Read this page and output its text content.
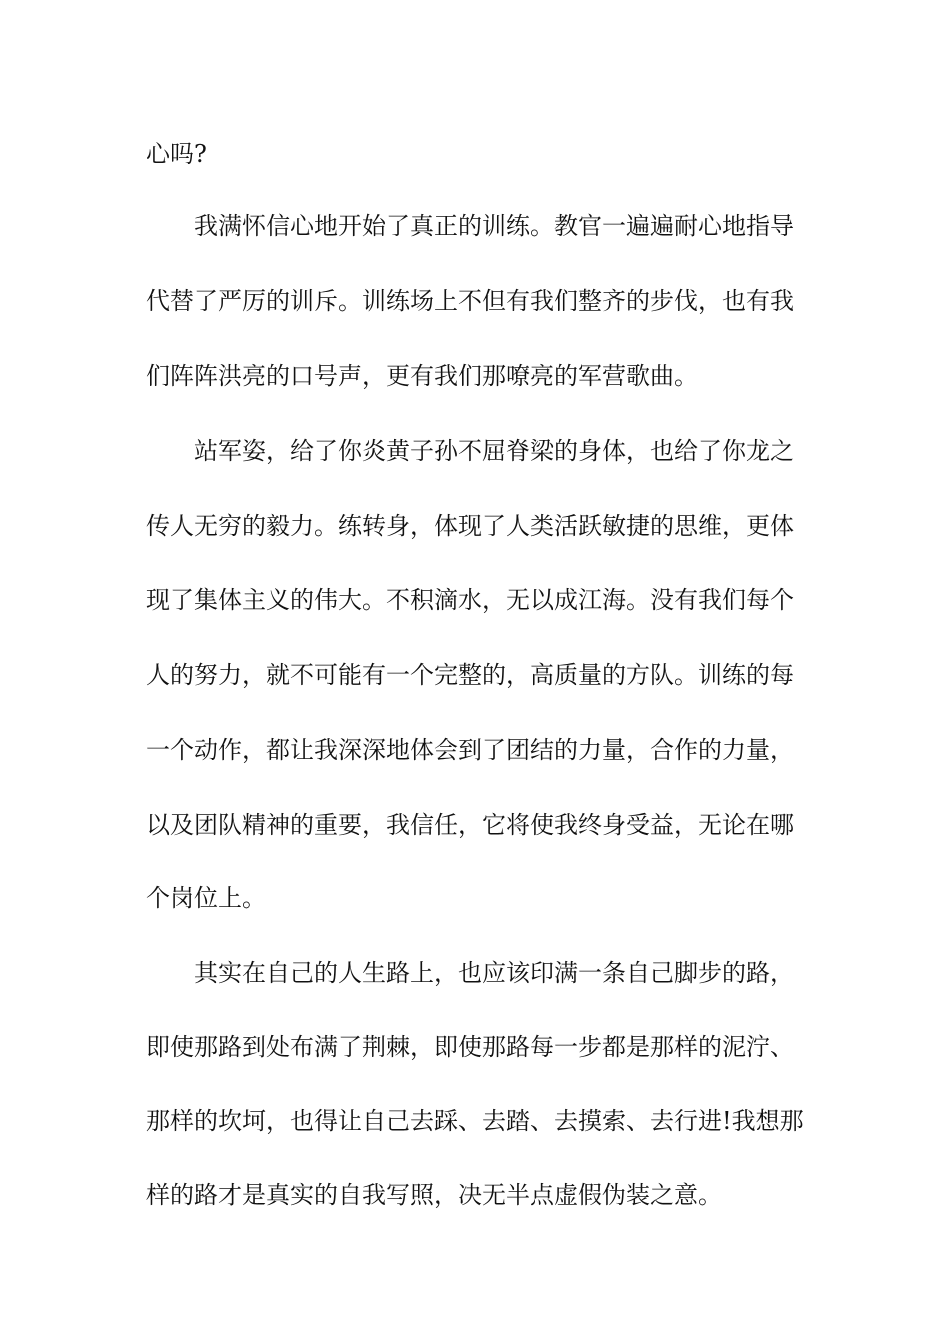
心吗?
我满怀信心地开始了真正的训练。教官一遍遍耐心地指导
代替了严厉的训斥。训练场上不但有我们整齐的步伐，也有我
们阵阵洪亮的口号声，更有我们那嘹亮的军营歌曲。
站军姿，给了你炎黄子孙不屈脊梁的身体，也给了你龙之
传人无穷的毅力。练转身，体现了人类活跃敏捷的思维，更体
现了集体主义的伟大。不积滴水，无以成江海。没有我们每个
人的努力，就不可能有一个完整的，高质量的方队。训练的每
一个动作，都让我深深地体会到了团结的力量，合作的力量，
以及团队精神的重要，我信任，它将使我终身受益，无论在哪
个岗位上。
其实在自己的人生路上，也应该印满一条自己脚步的路，
即使那路到处布满了荆棘，即使那路每一步都是那样的泥泞、
那样的坎坷，也得让自己去踩、去踏、去摸索、去行进!我想那
样的路才是真实的自我写照，决无半点虚假伪装之意。
